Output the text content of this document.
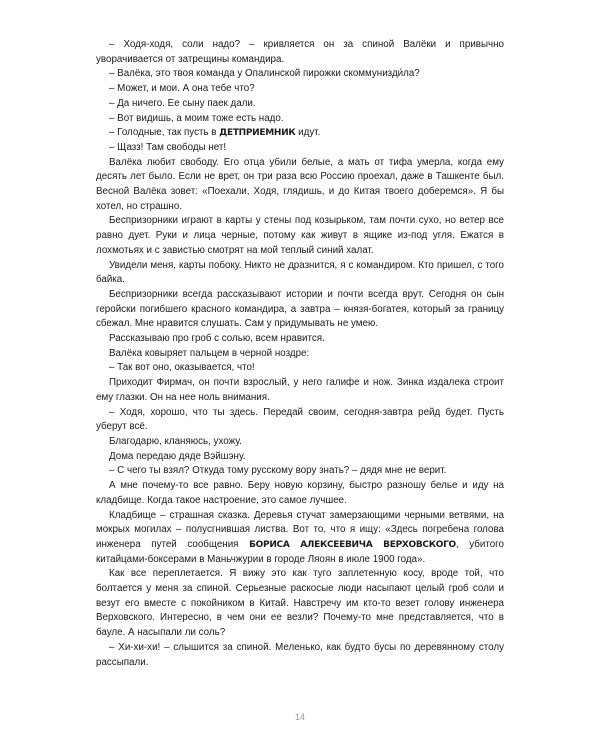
– Ходя-ходя, соли надо? – кривляется он за спиной Валёки и привычно уворачивается от затрещины командира.

– Валёка, это твоя команда у Опалинской пирожки скоммунизди́ла?

– Может, и мои. А она тебе что?

– Да ничего. Ее сыну паек дали.

– Вот видишь, а моим тоже есть надо.

– Голодные, так пусть в ДЕТПРИЕМНИК идут.

– Щазз! Там свободы нет!

Валёка любит свободу. Его отца убили белые, а мать от тифа умерла, когда ему десять лет было. Если не врет, он три раза всю Россию проехал, даже в Ташкенте был. Весной Валёка зовет: «Поехали, Ходя, глядишь, и до Китая твоего доберемся». Я бы хотел, но страшно.

Беспризорники играют в карты у стены под козырьком, там почти сухо, но ветер все равно дует. Руки и лица черные, потому как живут в ящике из-под угля. Ежатся в лохмотьях и с завистью смотрят на мой теплый синий халат.

Увидели меня, карты побоку. Никто не дразнится, я с командиром. Кто пришел, с того байка.

Беспризорники всегда рассказывают истории и почти всегда врут. Сегодня он сын геройски погибшего красного командира, а завтра – князя-богатея, который за границу сбежал. Мне нравится слушать. Сам у придумывать не умею.

Рассказываю про гроб с солью, всем нравится.

Валёка ковыряет пальцем в черной ноздре:

– Так вот оно, оказывается, что!

Приходит Фирмач, он почти взрослый, у него галифе и нож. Зинка издалека строит ему глазки. Он на нее ноль внимания.

– Ходя, хорошо, что ты здесь. Передай своим, сегодня-завтра рейд будет. Пусть уберут всё.

Благодарю, кланяюсь, ухожу.

Дома передаю дяде Вэйшэну.

– С чего ты взял? Откуда тому русскому вору знать? – дядя мне не верит.

А мне почему-то все равно. Беру новую корзину, быстро разношу белье и иду на кладбище. Когда такое настроение, это самое лучшее.

Кладбище – страшная сказка. Деревья стучат замерзающими черными ветвями, на мокрых могилах – полусгнившая листва. Вот то, что я ищу: «Здесь погребена голова инженера путей сообщения БОРИСА АЛЕКСЕЕВИЧА ВЕРХОВСКОГО, убитого китайцами-боксерами в Маньчжурии в городе Ляоян в июле 1900 года».

Как все переплетается. Я вижу это как туго заплетенную косу, вроде той, что болтается у меня за спиной. Серьезные раскосые люди насыпают целый гроб соли и везут его вместе с покойником в Китай. Навстречу им кто-то везет голову инженера Верховского. Интересно, в чем они ее везли? Почему-то мне представляется, что в бауле. А насыпали ли соль?

– Хи-хи-хи! – слышится за спиной. Меленько, как будто бусы по деревянному столу рассыпали.

14
